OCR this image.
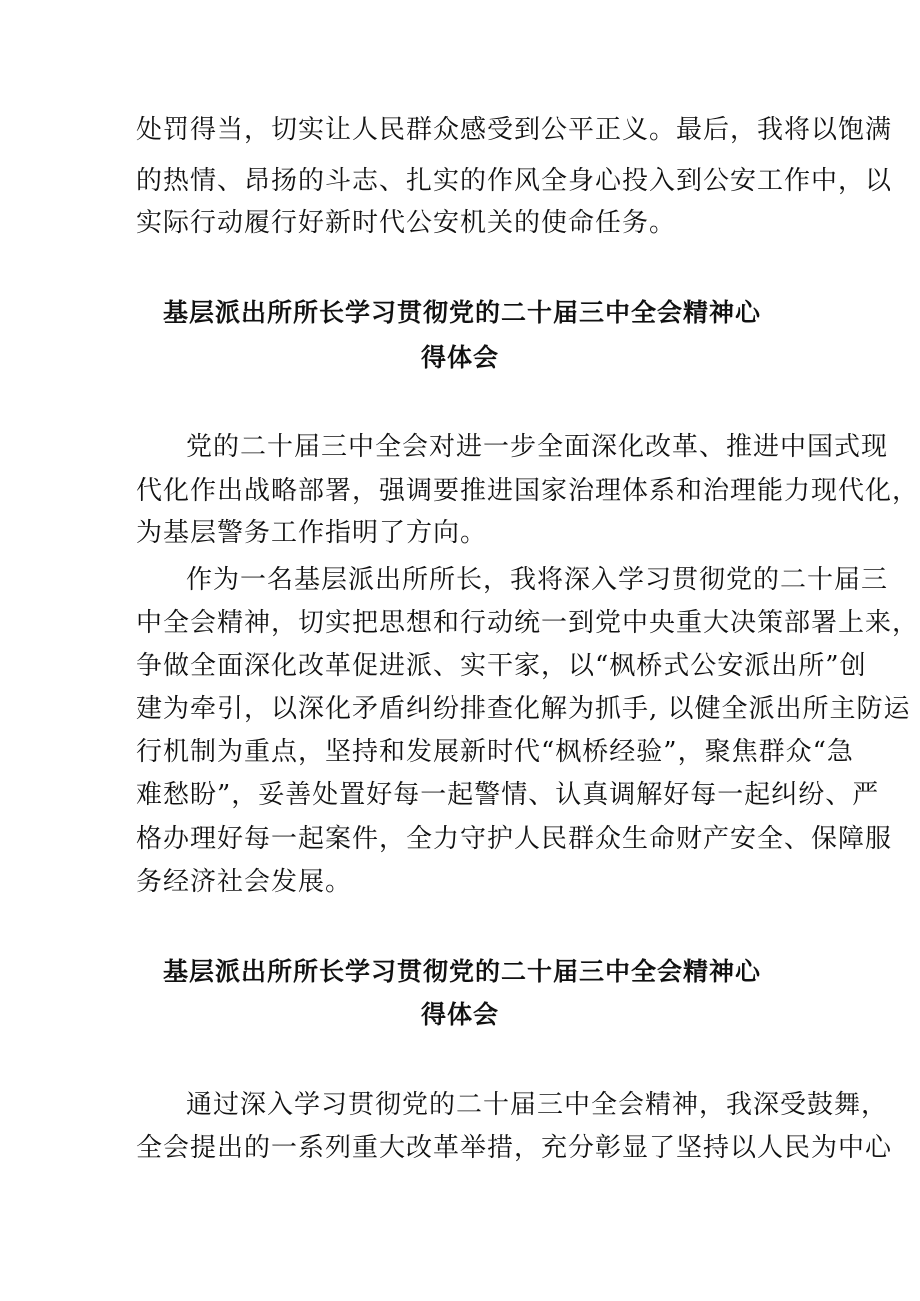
处罚得当，切实让人民群众感受到公平正义。最后，我将以饱满

的热情、昂扬的斗志、扎实的作风全身心投入到公安工作中，以

实际行动履行好新时代公安机关的使命任务。

基层派出所所长学习贯彻党的二十届三中全会精神心
得体会

党的二十届三中全会对进一步全面深化改革、推进中国式现

代化作出战略部署，强调要推进国家治理体系和治理能力现代化，

为基层警务工作指明了方向。

作为一名基层派出所所长，我将深入学习贯彻党的二十届三

中全会精神，切实把思想和行动统一到党中央重大决策部署上来，

争做全面深化改革促进派、实干家，以“枫桥式公安派出所”创

建为牵引，以深化矛盾纠纷排查化解为抓手, 以健全派出所主防运

行机制为重点，坚持和发展新时代“枫桥经验”，聚焦群众“急

难愁盼”，妥善处置好每一起警情、认真调解好每一起纠纷、严

格办理好每一起案件，全力守护人民群众生命财产安全、保障服

务经济社会发展。

基层派出所所长学习贯彻党的二十届三中全会精神心
得体会

通过深入学习贯彻党的二十届三中全会精神，我深受鼓舞，

全会提出的一系列重大改革举措，充分彰显了坚持以人民为中心
